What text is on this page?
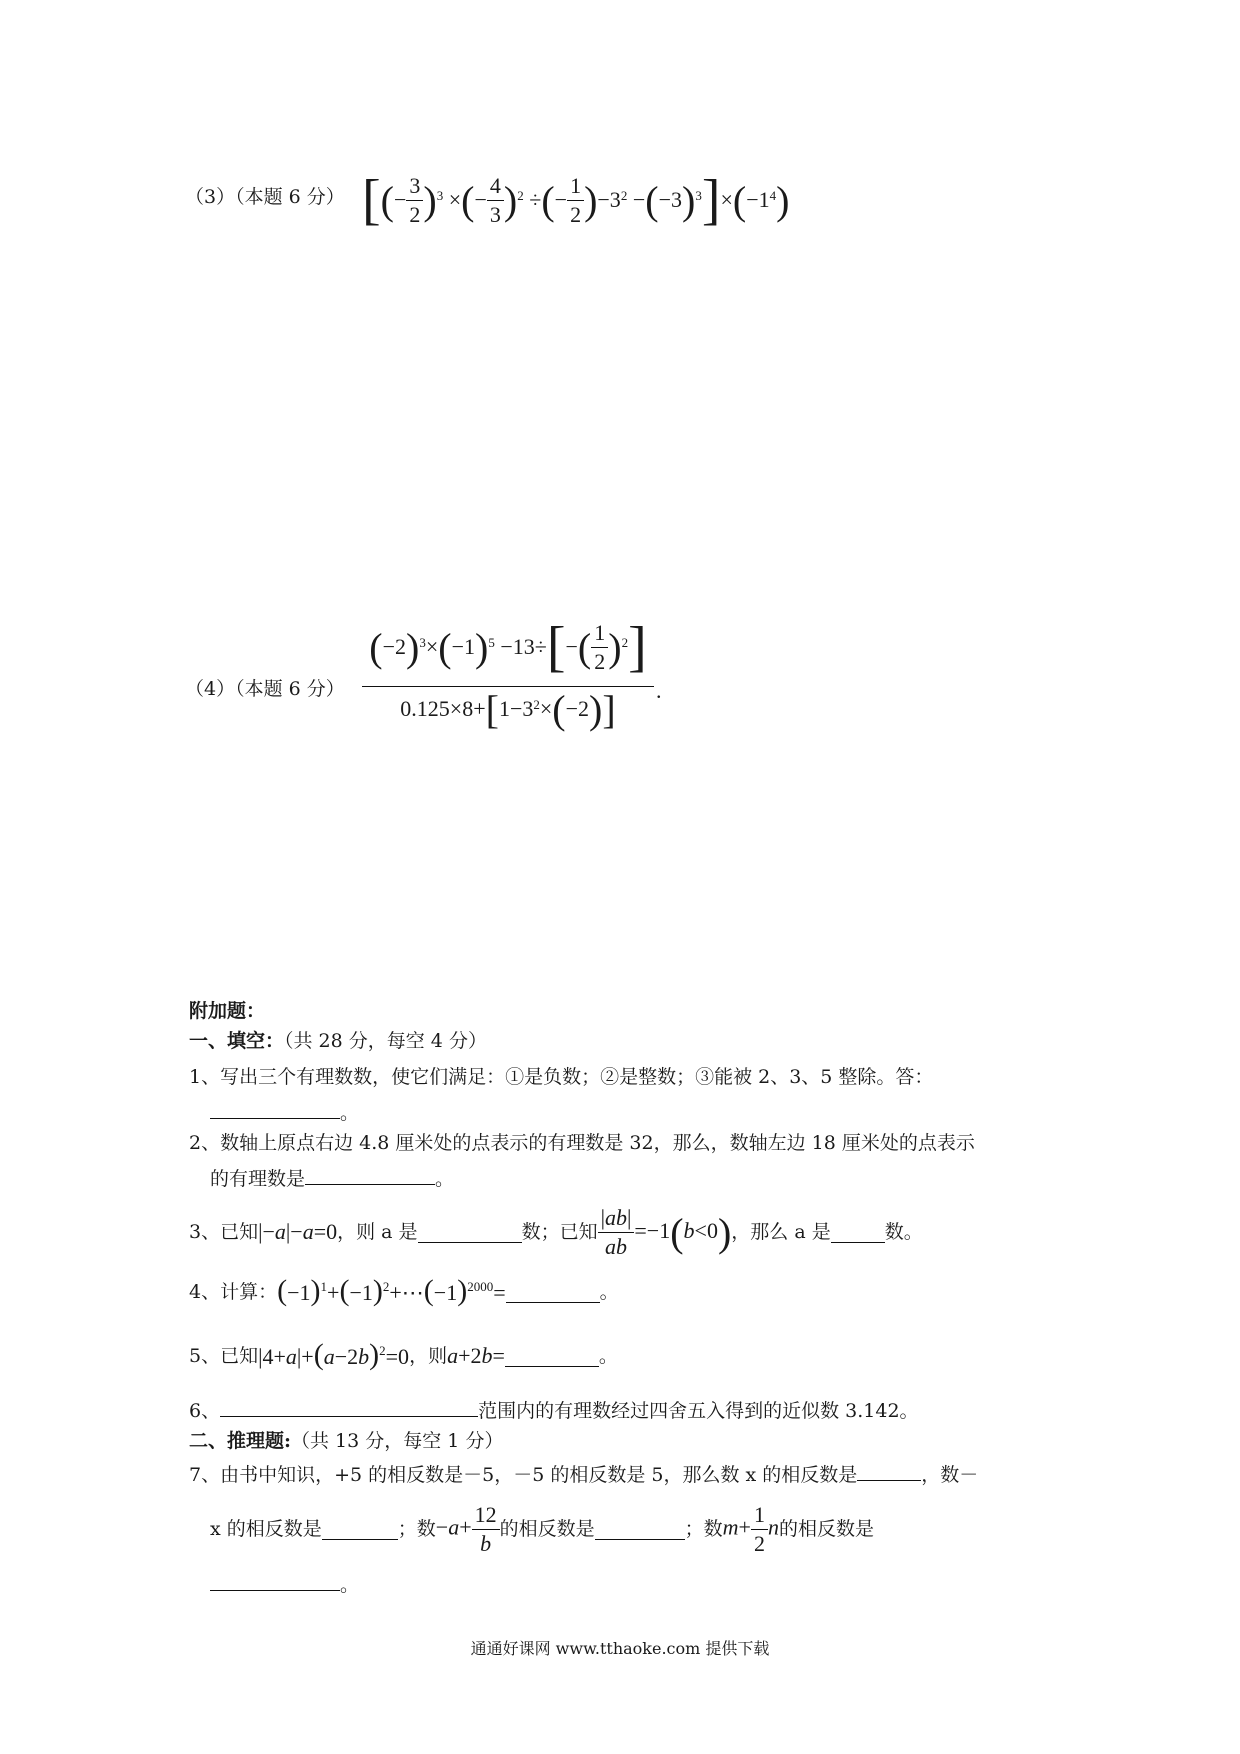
（3）（本题 6 分） [ ( − $\frac{3}{2} )^3$ × ( − $\frac{4}{3} )^2$ ÷ ( − $\frac{1}{2}$ ) $-3^2$ − ( −3 )$^3$ ] × ( $-1^4$ )
（4）（本题 6 分）
( −2 )$^3$ × ( −1 )$^5$ −13÷ [ − ( $\frac{1}{2} )^2$ ]
0.125×8+ [ $1-3^2$ × ( −2 ) ] .
附加题：
一、填空：（共 28 分，每空 4 分）
1、写出三个有理数数，使它们满足：①是负数；②是整数；③能被 2、3、5 整除。答：
。
2、数轴上原点右边 4.8 厘米处的点表示的有理数是 32，那么，数轴左边 18 厘米处的点表示
的有理数是	。
3、已知 |−a|−a=0 ，则 a 是	数；已知 $\frac{|ab|}{ab} =-1(b<0)$ ，那么 a 是	数。
4、计算： $(-1)^1+(-1)^2+\cdots(-1)^{2000}=$	。
5、已知 $|4+a|+(a-2b)^2=0$ ，则 a+2b=	。
6、	范围内的有理数经过四舍五入得到的近似数 3.142。
二、推理题:（共 13 分，每空 1 分）
7、由书中知识，+5 的相反数是－5，－5 的相反数是 5，那么数 x 的相反数是	，数－
x 的相反数是	；数 $-a+ \frac{12}{b}$ 的相反数是	；数 $m+ \frac{1}{2}$ n 的相反数是
。
通通好课网 www.tthaoke.com 提供下载
